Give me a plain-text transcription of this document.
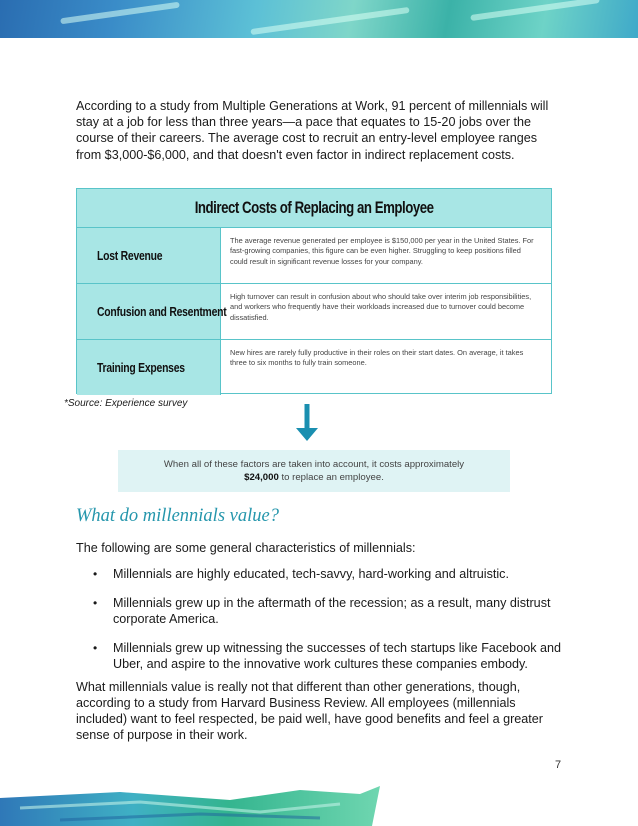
According to a study from Multiple Generations at Work, 91 percent of millennials will stay at a job for less than three years—a pace that equates to 15-20 jobs over the course of their careers. The average cost to recruit an entry-level employee ranges from $3,000-$6,000, and that doesn't even factor in indirect replacement costs.

Indirect Costs of Replacing an Employee
Lost Revenue
The average revenue generated per employee is $150,000 per year in the United States. For fast-growing companies, this figure can be even higher. Struggling to keep positions filled could result in significant revenue losses for your company.
Confusion and Resentment
High turnover can result in confusion about who should take over interim job responsibilities, and workers who frequently have their workloads increased due to turnover could become dissatisfied.
Training Expenses
New hires are rarely fully productive in their roles on their start dates. On average, it takes three to six months to fully train someone.
*Source: Experience survey
When all of these factors are taken into account, it costs approximately
$24,000 to replace an employee.
What do millennials value?

The following are some general characteristics of millennials:

• Millennials are highly educated, tech-savvy, hard-working and altruistic.
• Millennials grew up in the aftermath of the recession; as a result, many distrust corporate America.
• Millennials grew up witnessing the successes of tech startups like Facebook and Uber, and aspire to the innovative work cultures these companies embody.

What millennials value is really not that different than other generations, though, according to a study from Harvard Business Review. All employees (millennials included) want to feel respected, be paid well, have good benefits and feel a greater sense of purpose in their work.

7
